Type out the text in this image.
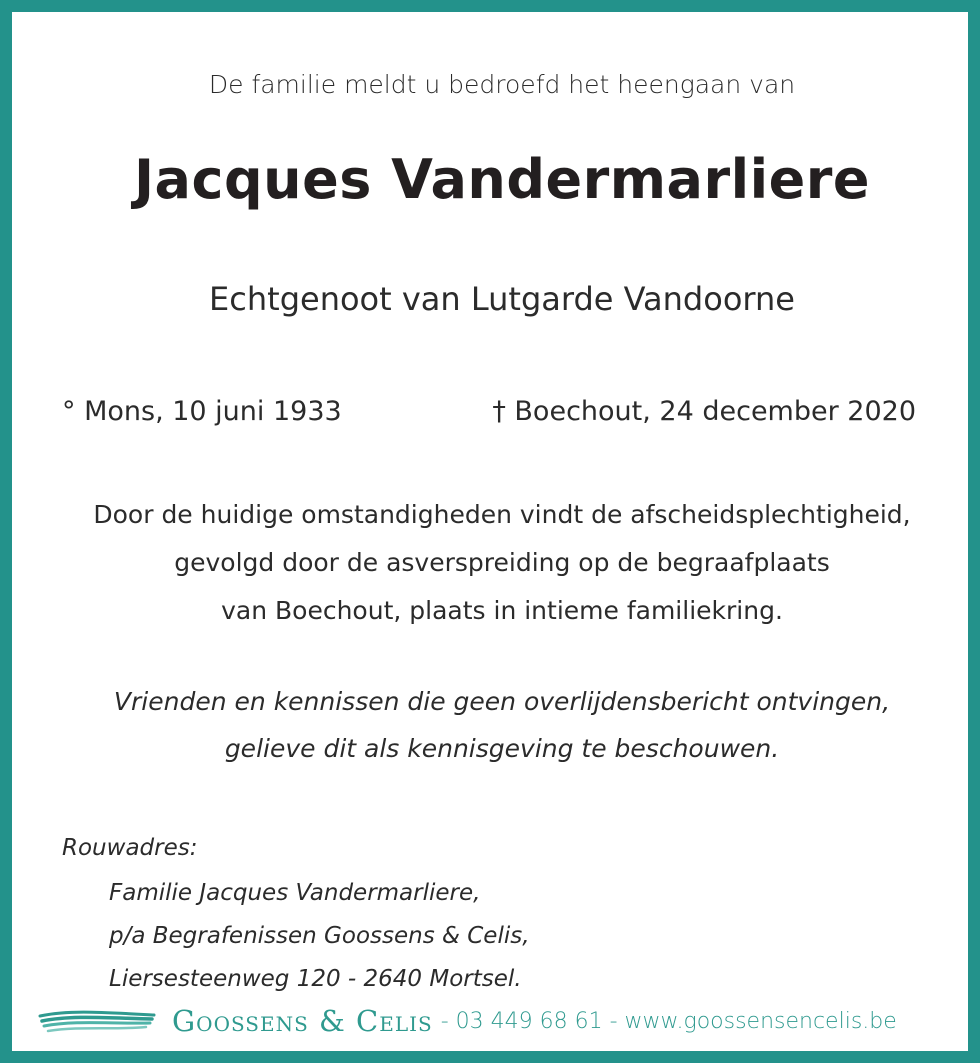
De familie meldt u bedroefd het heengaan van
Jacques Vandermarliere
Echtgenoot van Lutgarde Vandoorne
° Mons, 10 juni 1933	† Boechout, 24 december 2020
Door de huidige omstandigheden vindt de afscheidsplechtigheid,
gevolgd door de asverspreiding op de begraafplaats
van Boechout, plaats in intieme familiekring.
Vrienden en kennissen die geen overlijdensbericht ontvingen,
gelieve dit als kennisgeving te beschouwen.
Rouwadres:
Familie Jacques Vandermarliere,
p/a Begrafenissen Goossens & Celis,
Liersesteenweg 120 - 2640 Mortsel.
Goossens & Celis - 03 449 68 61 - www.goossensencelis.be
